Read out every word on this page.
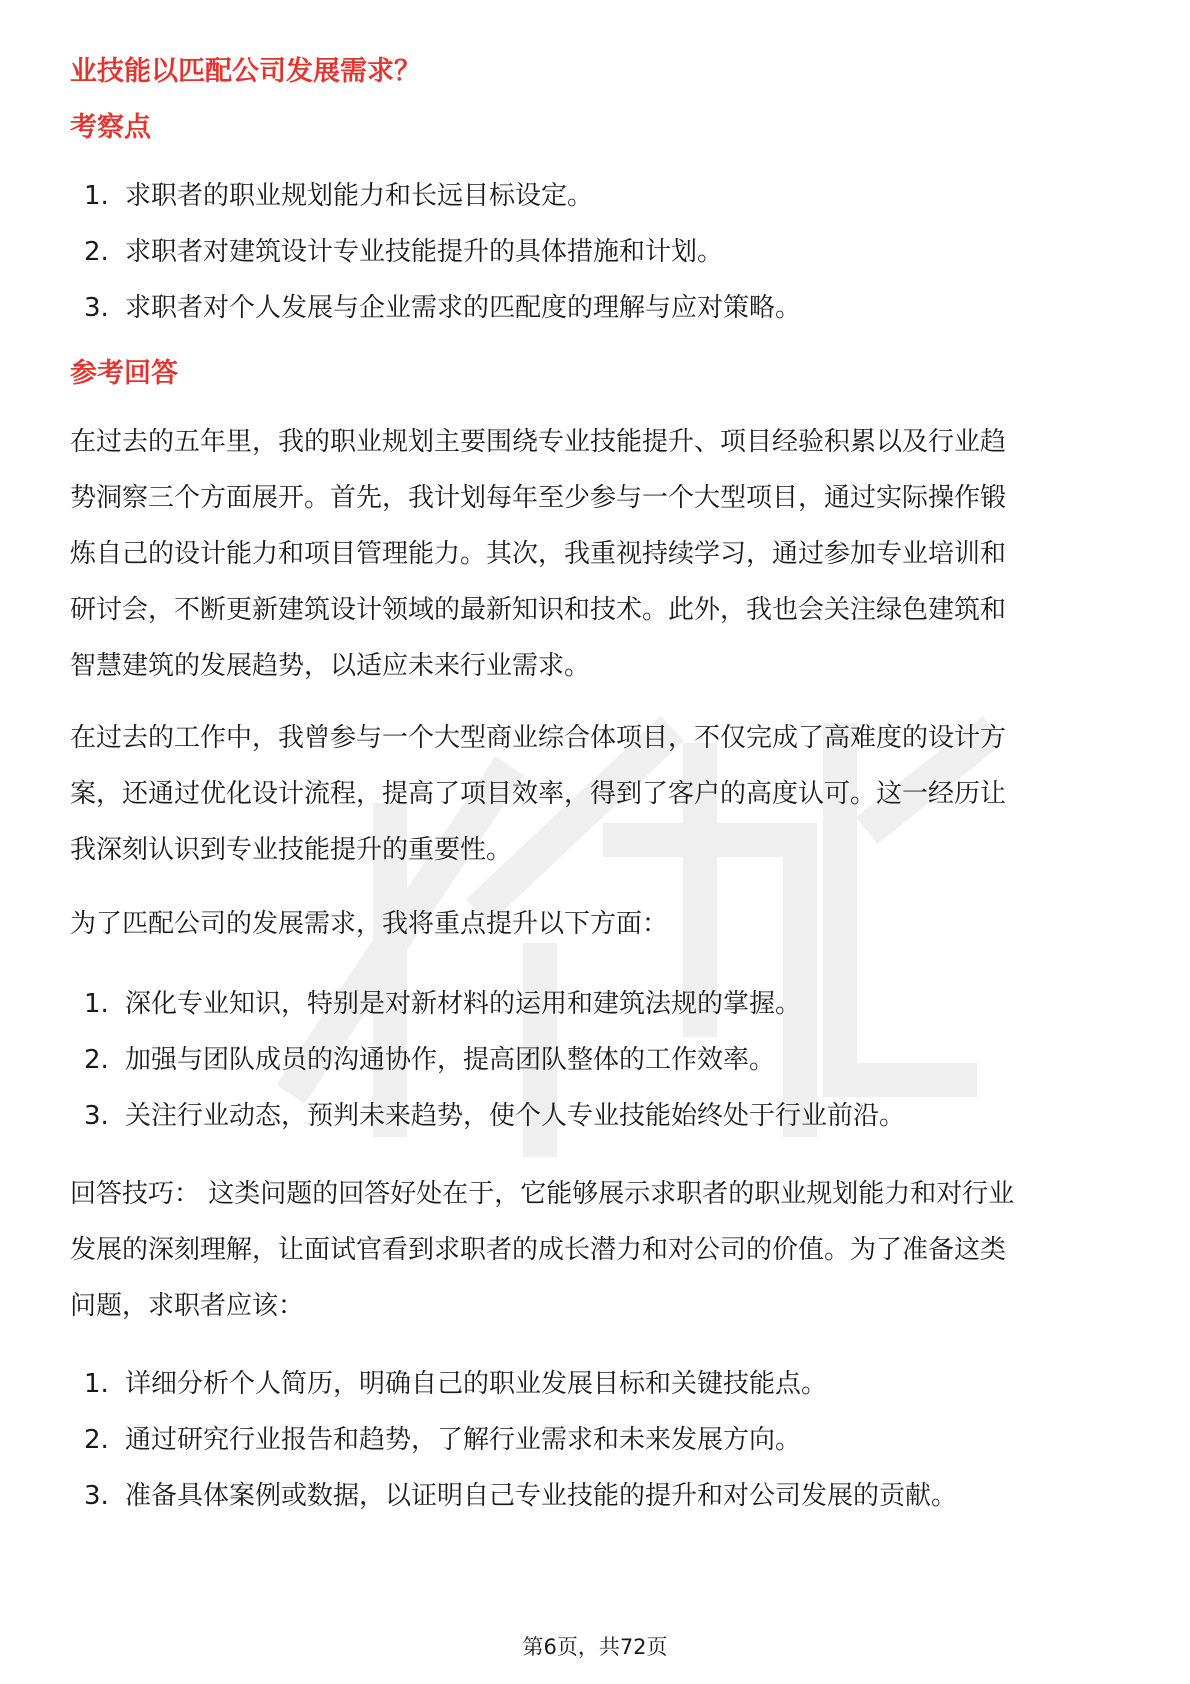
业技能以匹配公司发展需求？
考察点
1. 求职者的职业规划能力和长远目标设定。
2. 求职者对建筑设计专业技能提升的具体措施和计划。
3. 求职者对个人发展与企业需求的匹配度的理解与应对策略。
参考回答

在过去的五年里，我的职业规划主要围绕专业技能提升、项目经验积累以及行业趋
势洞察三个方面展开。首先，我计划每年至少参与一个大型项目，通过实际操作锻
炼自己的设计能力和项目管理能力。其次，我重视持续学习，通过参加专业培训和
研讨会，不断更新建筑设计领域的最新知识和技术。此外，我也会关注绿色建筑和
智慧建筑的发展趋势，以适应未来行业需求。

在过去的工作中，我曾参与一个大型商业综合体项目，不仅完成了高难度的设计方
案，还通过优化设计流程，提高了项目效率，得到了客户的高度认可。这一经历让
我深刻认识到专业技能提升的重要性。

为了匹配公司的发展需求，我将重点提升以下方面：

1. 深化专业知识，特别是对新材料的运用和建筑法规的掌握。
2. 加强与团队成员的沟通协作，提高团队整体的工作效率。
3. 关注行业动态，预判未来趋势，使个人专业技能始终处于行业前沿。

回答技巧： 这类问题的回答好处在于，它能够展示求职者的职业规划能力和对行业
发展的深刻理解，让面试官看到求职者的成长潜力和对公司的价值。为了准备这类
问题，求职者应该：

1. 详细分析个人简历，明确自己的职业发展目标和关键技能点。
2. 通过研究行业报告和趋势，了解行业需求和未来发展方向。
3. 准备具体案例或数据，以证明自己专业技能的提升和对公司发展的贡献。
第6页，共72页
